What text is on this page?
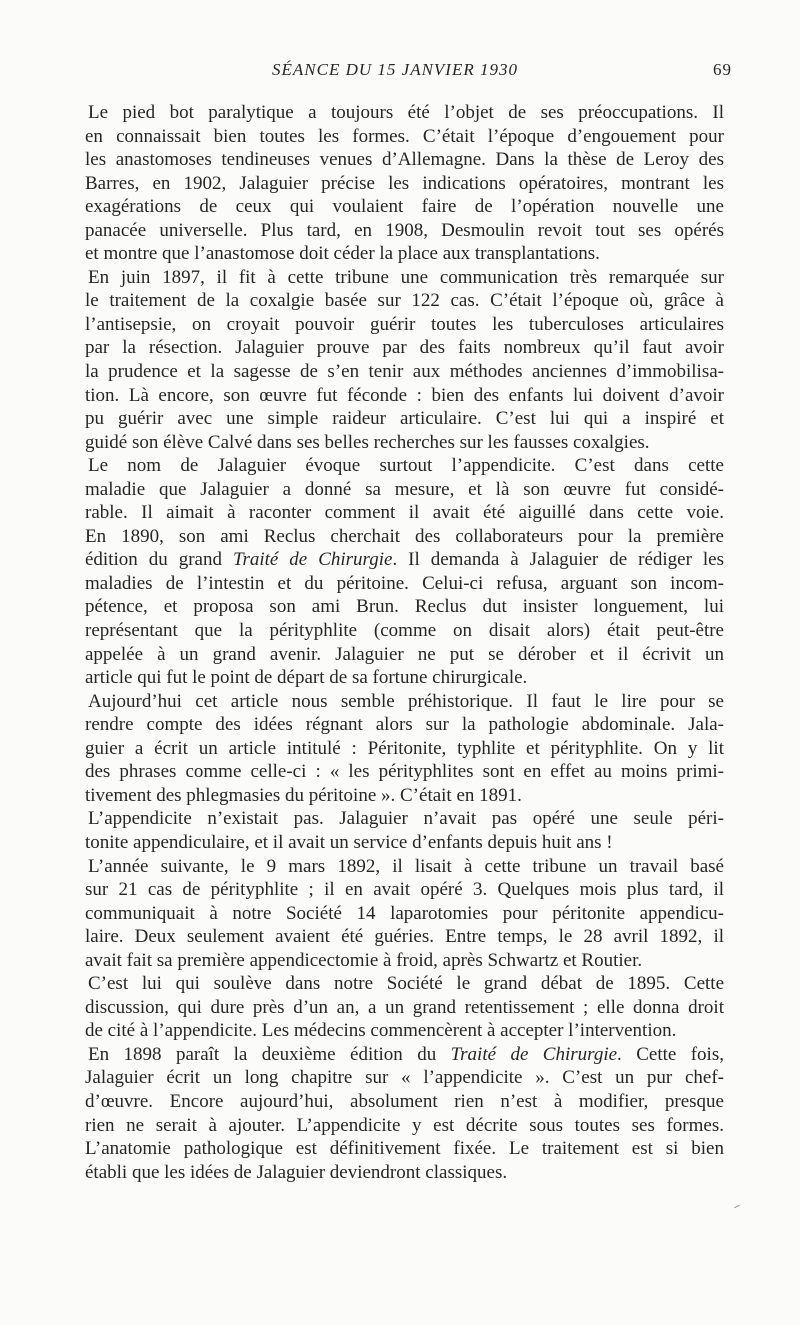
SÉANCE DU 15 JANVIER 1930	69

Le pied bot paralytique a toujours été l’objet de ses préoccupations. Il
en connaissait bien toutes les formes. C’était l’époque d’engouement pour
les anastomoses tendineuses venues d’Allemagne. Dans la thèse de Leroy des
Barres, en 1902, Jalaguier précise les indications opératoires, montrant les
exagérations de ceux qui voulaient faire de l’opération nouvelle une
panacée universelle. Plus tard, en 1908, Desmoulin revoit tout ses opérés
et montre que l’anastomose doit céder la place aux transplantations.

En juin 1897, il fit à cette tribune une communication très remarquée sur
le traitement de la coxalgie basée sur 122 cas. C’était l’époque où, grâce à
l’antisepsie, on croyait pouvoir guérir toutes les tuberculoses articulaires
par la résection. Jalaguier prouve par des faits nombreux qu’il faut avoir
la prudence et la sagesse de s’en tenir aux méthodes anciennes d’immobilisa-
tion. Là encore, son œuvre fut féconde : bien des enfants lui doivent d’avoir
pu guérir avec une simple raideur articulaire. C’est lui qui a inspiré et
guidé son élève Calvé dans ses belles recherches sur les fausses coxalgies.

Le nom de Jalaguier évoque surtout l’appendicite. C’est dans cette
maladie que Jalaguier a donné sa mesure, et là son œuvre fut considé-
rable. Il aimait à raconter comment il avait été aiguillé dans cette voie.
En 1890, son ami Reclus cherchait des collaborateurs pour la première
édition du grand Traité de Chirurgie. Il demanda à Jalaguier de rédiger les
maladies de l’intestin et du péritoine. Celui-ci refusa, arguant son incom-
pétence, et proposa son ami Brun. Reclus dut insister longuement, lui
représentant que la pérityphlite (comme on disait alors) était peut-être
appelée à un grand avenir. Jalaguier ne put se dérober et il écrivit un
article qui fut le point de départ de sa fortune chirurgicale.

Aujourd’hui cet article nous semble préhistorique. Il faut le lire pour se
rendre compte des idées régnant alors sur la pathologie abdominale. Jala-
guier a écrit un article intitulé : Péritonite, typhlite et pérityphlite. On y lit
des phrases comme celle-ci : « les pérityphlites sont en effet au moins primi-
tivement des phlegmasies du péritoine ». C’était en 1891.

L’appendicite n’existait pas. Jalaguier n’avait pas opéré une seule péri-
tonite appendiculaire, et il avait un service d’enfants depuis huit ans !

L’année suivante, le 9 mars 1892, il lisait à cette tribune un travail basé
sur 21 cas de pérityphlite ; il en avait opéré 3. Quelques mois plus tard, il
communiquait à notre Société 14 laparotomies pour péritonite appendicu-
laire. Deux seulement avaient été guéries. Entre temps, le 28 avril 1892, il
avait fait sa première appendicectomie à froid, après Schwartz et Routier.

C’est lui qui soulève dans notre Société le grand débat de 1895. Cette
discussion, qui dure près d’un an, a un grand retentissement ; elle donna droit
de cité à l’appendicite. Les médecins commencèrent à accepter l’intervention.

En 1898 paraît la deuxième édition du Traité de Chirurgie. Cette fois,
Jalaguier écrit un long chapitre sur « l’appendicite ». C’est un pur chef-
d’œuvre. Encore aujourd’hui, absolument rien n’est à modifier, presque
rien ne serait à ajouter. L’appendicite y est décrite sous toutes ses formes.
L’anatomie pathologique est définitivement fixée. Le traitement est si bien
établi que les idées de Jalaguier deviendront classiques.
